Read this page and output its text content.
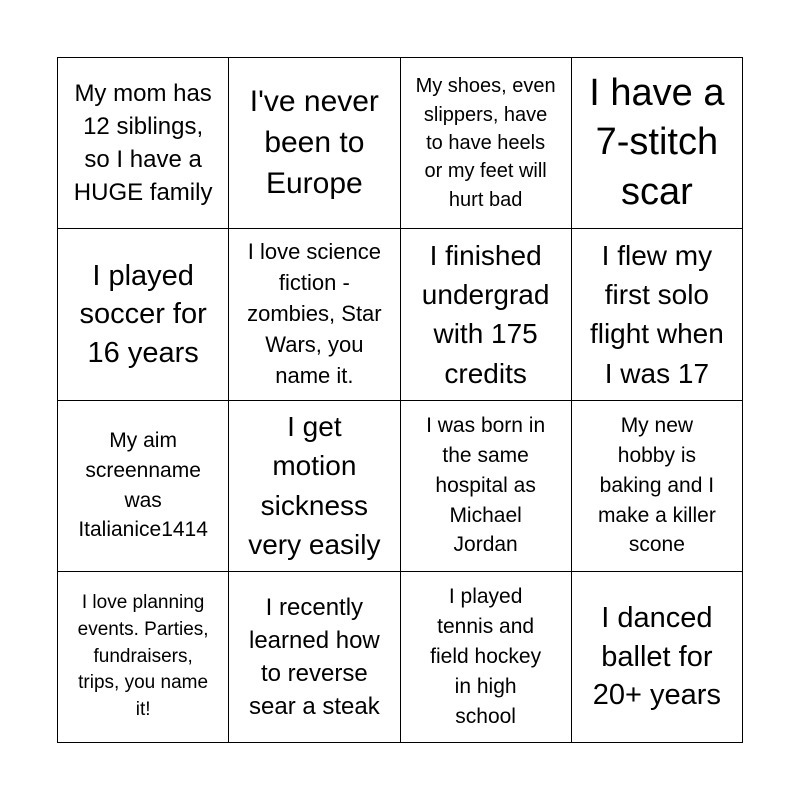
My mom has
12 siblings,
so I have a
HUGE family
I've never
been to
Europe
My shoes, even
slippers, have
to have heels
or my feet will
hurt bad
I have a
7-stitch
scar
I played
soccer for
16 years
I love science
fiction -
zombies, Star
Wars, you
name it.
I finished
undergrad
with 175
credits
I flew my
first solo
flight when
I was 17
My aim
screenname
was
Italianice1414
I get
motion
sickness
very easily
I was born in
the same
hospital as
Michael
Jordan
My new
hobby is
baking and I
make a killer
scone
I love planning
events. Parties,
fundraisers,
trips, you name
it!
I recently
learned how
to reverse
sear a steak
I played
tennis and
field hockey
in high
school
I danced
ballet for
20+ years
